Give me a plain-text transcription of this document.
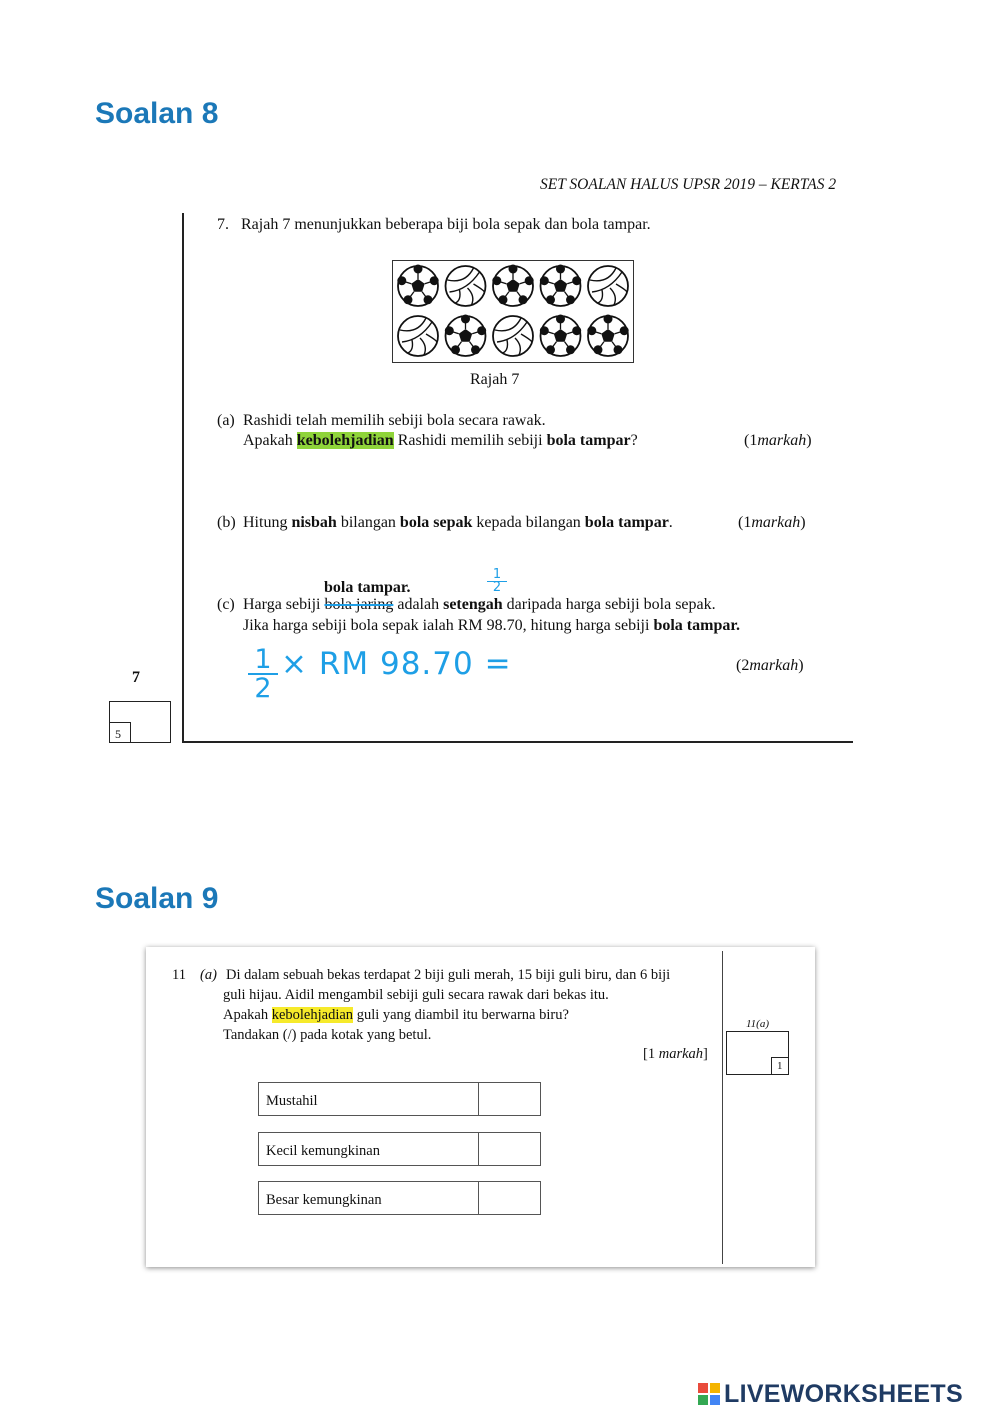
Soalan 8
SET SOALAN HALUS UPSR 2019 – KERTAS 2
7.   Rajah 7 menunjukkan beberapa biji bola sepak dan bola tampar.
Rajah 7
(a) Rashidi telah memilih sebiji bola secara rawak.
Apakah kebolehjadian Rashidi memilih sebiji bola tampar?	(1markah)
(b) Hitung nisbah bilangan bola sepak kepada bilangan bola tampar.	(1markah)
bola tampar.
1
2
(c) Harga sebiji bola jaring adalah setengah daripada harga sebiji bola sepak.
Jika harga sebiji bola sepak ialah RM 98.70, hitung harga sebiji bola tampar.
(2markah)
1
2
× RM 98.70 =
7
5
Soalan 9
11 (a) Di dalam sebuah bekas terdapat 2 biji guli merah, 15 biji guli biru, dan 6 biji
guli hijau. Aidil mengambil sebiji guli secara rawak dari bekas itu.
Apakah kebolehjadian guli yang diambil itu berwarna biru?
Tandakan (/) pada kotak yang betul.
[1 markah]
11(a)
1
Mustahil
Kecil kemungkinan
Besar kemungkinan
LIVEWORKSHEETS
